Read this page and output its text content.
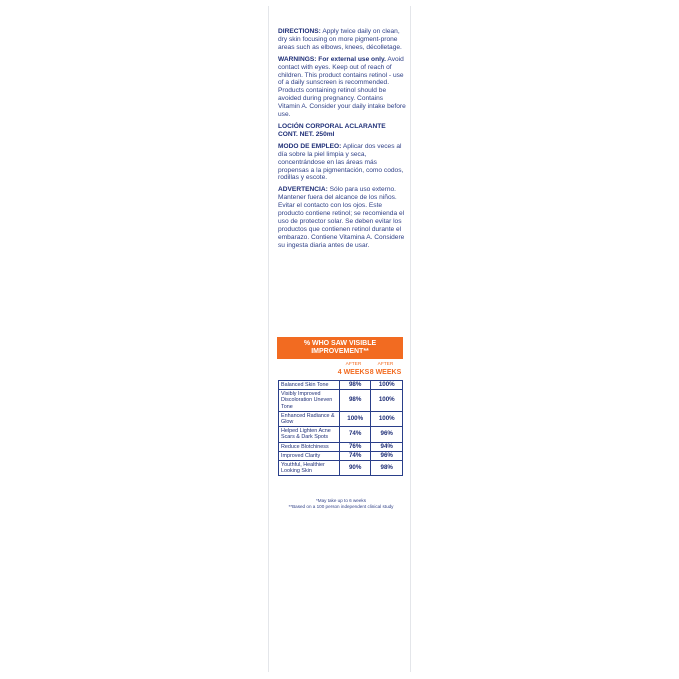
DIRECTIONS: Apply twice daily on clean, dry skin focusing on more pigment-prone areas such as elbows, knees, décolletage.

WARNINGS: For external use only. Avoid contact with eyes. Keep out of reach of children. This product contains retinol - use of a daily sunscreen is recommended. Products containing retinol should be avoided during pregnancy. Contains Vitamin A. Consider your daily intake before use.

LOCIÓN CORPORAL ACLARANTE
CONT. NET. 250ml

MODO DE EMPLEO: Aplicar dos veces al día sobre la piel limpia y seca, concentrándose en las áreas más propensas a la pigmentación, como codos, rodillas y escote.

ADVERTENCIA: Sólo para uso externo. Mantener fuera del alcance de los niños. Evitar el contacto con los ojos. Este producto contiene retinol; se recomienda el uso de protector solar. Se deben evitar los productos que contienen retinol durante el embarazo. Contiene Vitamina A. Considere su ingesta diaria antes de usar.

% WHO SAW VISIBLE IMPROVEMENT**
AFTER
4 WEEKS
AFTER
8 WEEKS
Balanced Skin Tone	98%	100%
Visibly Improved Discoloration Uneven Tone	98%	100%
Enhanced Radiance & Glow	100%	100%
Helped Lighten Acne Scars & Dark Spots	74%	96%
Reduce Blotchiness	76%	94%
Improved Clarity	74%	96%
Youthful, Healthier Looking Skin	90%	98%
*May take up to 6 weeks
**Based on a 100 person independent clinical study
